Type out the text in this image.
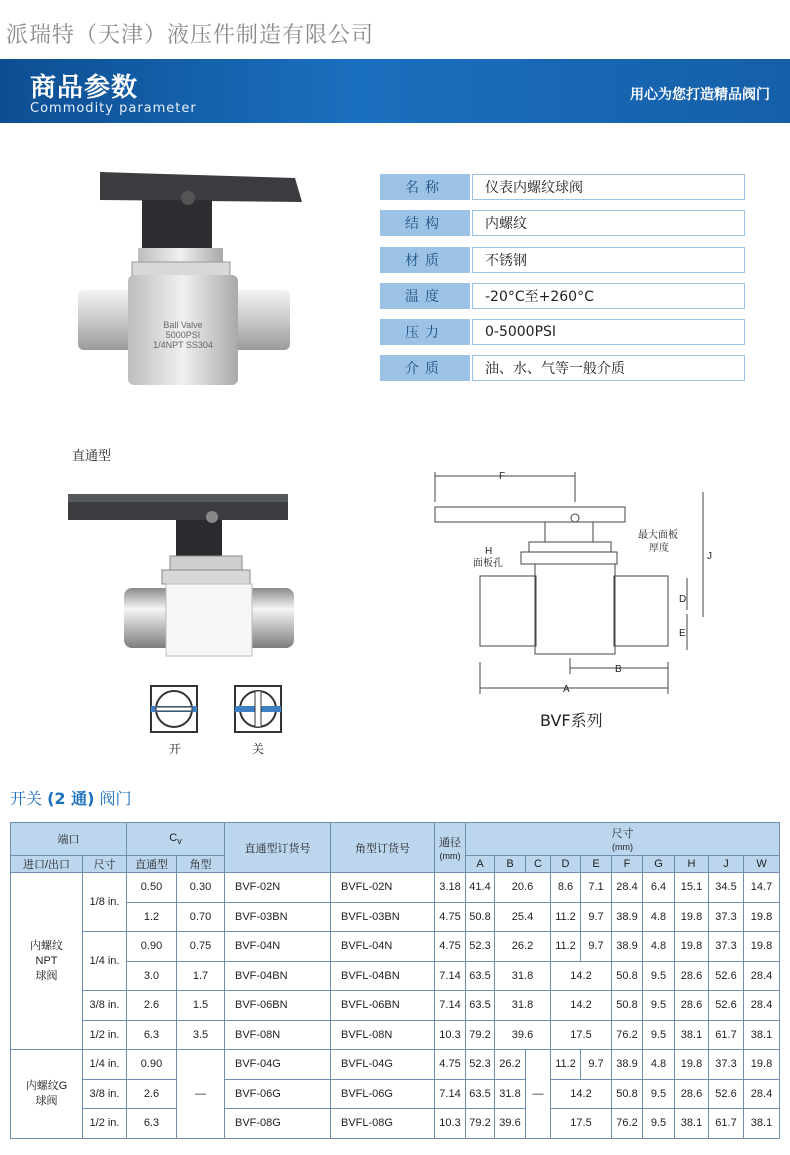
派瑞特（天津）液压件制造有限公司
商品参数
Commodity parameter
用心为您打造精品阀门
Ball Valve
5000PSI
1/4NPT SS304
名称	仪表内螺纹球阀
结构	内螺纹
材质	不锈钢
温度	-20°C至+260°C
压力	0-5000PSI
介质	油、水、气等一般介质
直通型
开	关
F
J
H
面板孔
最大面板
厚度
D
E
B
A
BVF系列
开关 (2 通) 阀门
端口		$C_v$		直通型订货号	角型订货号	通径
(mm)	尺寸
(mm)									
进口/出口	尺寸	直通型	角型				A	B	C	D	E	F	G	H	J	W
内螺纹
NPT
球阀	1/8 in.	0.50	0.30	BVF-02N	BVFL-02N	3.18	41.4	20.6		8.6	7.1	28.4	6.4	15.1	34.5	14.7
		1.2	0.70	BVF-03BN	BVFL-03BN	4.75	50.8	25.4		11.2	9.7	38.9	4.8	19.8	37.3	19.8
	1/4 in.	0.90	0.75	BVF-04N	BVFL-04N	4.75	52.3	26.2		11.2	9.7	38.9	4.8	19.8	37.3	19.8
		3.0	1.7	BVF-04BN	BVFL-04BN	7.14	63.5	31.8		14.2		50.8	9.5	28.6	52.6	28.4
	3/8 in.	2.6	1.5	BVF-06BN	BVFL-06BN	7.14	63.5	31.8		14.2		50.8	9.5	28.6	52.6	28.4
	1/2 in.	6.3	3.5	BVF-08N	BVFL-08N	10.3	79.2	39.6		17.5		76.2	9.5	38.1	61.7	38.1
内螺纹G
球阀	1/4 in.	0.90	—	BVF-04G	BVFL-04G	4.75	52.3	26.2	—	11.2	9.7	38.9	4.8	19.8	37.3	19.8
	3/8 in.	2.6		BVF-06G	BVFL-06G	7.14	63.5	31.8		14.2		50.8	9.5	28.6	52.6	28.4
	1/2 in.	6.3		BVF-08G	BVFL-08G	10.3	79.2	39.6		17.5		76.2	9.5	38.1	61.7	38.1
